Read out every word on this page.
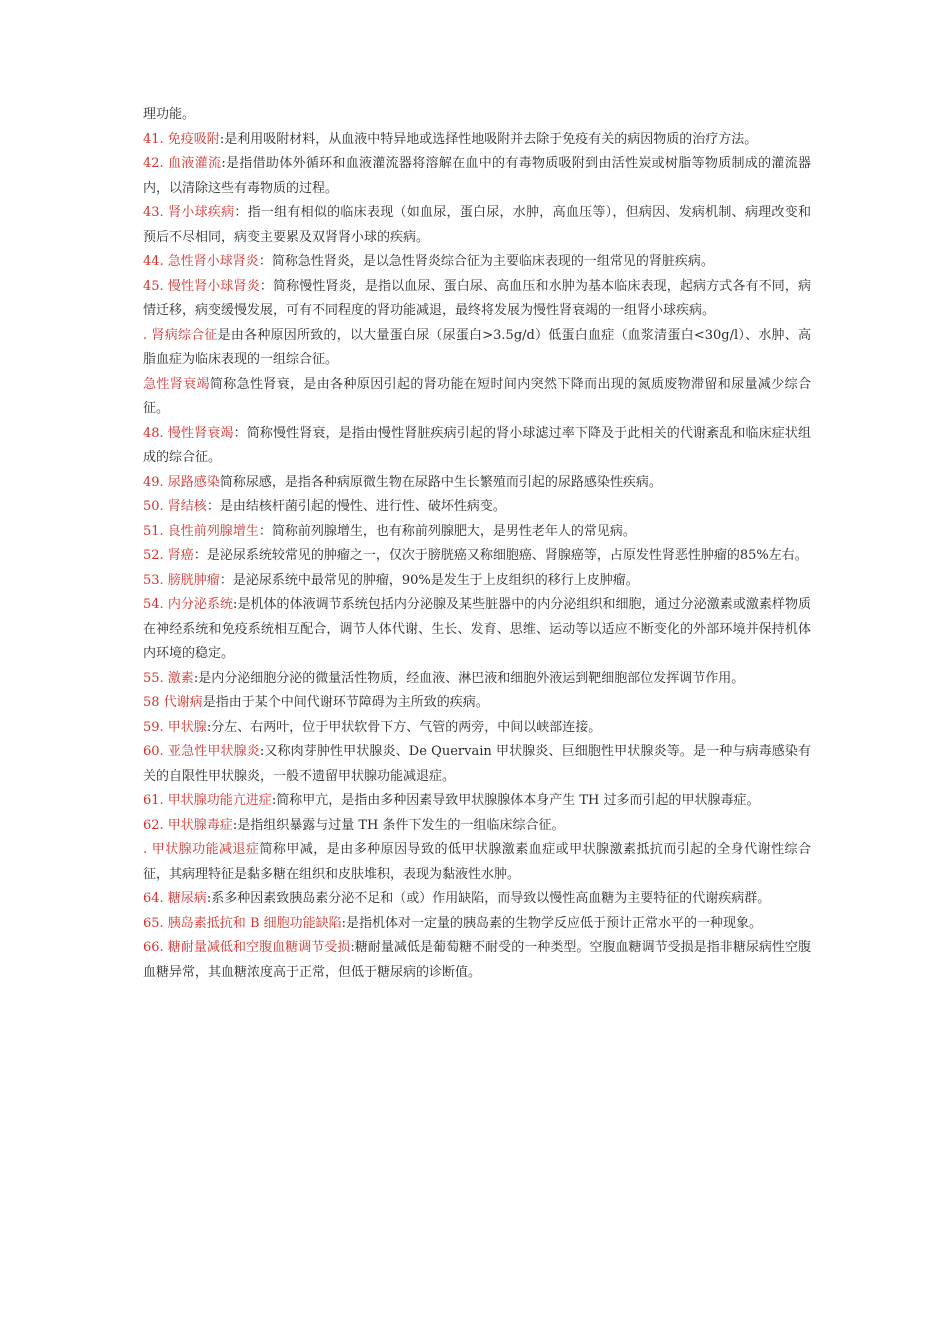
理功能。

41. 免疫吸附:是利用吸附材料，从血液中特异地或选择性地吸附并去除于免疫有关的病因物质的治疗方法。

42. 血液灌流:是指借助体外循环和血液灌流器将溶解在血中的有毒物质吸附到由活性炭或树脂等物质制成的灌流器内，以清除这些有毒物质的过程。

43. 肾小球疾病：指一组有相似的临床表现（如血尿，蛋白尿，水肿，高血压等），但病因、发病机制、病理改变和预后不尽相同，病变主要累及双肾肾小球的疾病。

44. 急性肾小球肾炎：简称急性肾炎，是以急性肾炎综合征为主要临床表现的一组常见的肾脏疾病。

45. 慢性肾小球肾炎：简称慢性肾炎，是指以血尿、蛋白尿、高血压和水肿为基本临床表现，起病方式各有不同，病情迁移，病变缓慢发展，可有不同程度的肾功能减退，最终将发展为慢性肾衰竭的一组肾小球疾病。

. 肾病综合征是由各种原因所致的，以大量蛋白尿（尿蛋白>3.5g/d）低蛋白血症（血浆清蛋白<30g/l）、水肿、高脂血症为临床表现的一组综合征。

急性肾衰竭简称急性肾衰，是由各种原因引起的肾功能在短时间内突然下降而出现的氮质废物滞留和尿量减少综合征。

48. 慢性肾衰竭：简称慢性肾衰，是指由慢性肾脏疾病引起的肾小球滤过率下降及于此相关的代谢紊乱和临床症状组成的综合征。

49. 尿路感染简称尿感，是指各种病原微生物在尿路中生长繁殖而引起的尿路感染性疾病。

50. 肾结核：是由结核杆菌引起的慢性、进行性、破坏性病变。

51. 良性前列腺增生：简称前列腺增生，也有称前列腺肥大，是男性老年人的常见病。

52. 肾癌：是泌尿系统较常见的肿瘤之一，仅次于膀胱癌又称细胞癌、肾腺癌等，占原发性肾恶性肿瘤的85%左右。

53. 膀胱肿瘤：是泌尿系统中最常见的肿瘤，90%是发生于上皮组织的移行上皮肿瘤。

54. 内分泌系统:是机体的体液调节系统包括内分泌腺及某些脏器中的内分泌组织和细胞，通过分泌激素或激素样物质在神经系统和免疫系统相互配合，调节人体代谢、生长、发育、思维、运动等以适应不断变化的外部环境并保持机体内环境的稳定。

55. 激素:是内分泌细胞分泌的微量活性物质，经血液、淋巴液和细胞外液运到靶细胞部位发挥调节作用。

58 代谢病是指由于某个中间代谢环节障碍为主所致的疾病。

59. 甲状腺:分左、右两叶，位于甲状软骨下方、气管的两旁，中间以峡部连接。

60. 亚急性甲状腺炎:又称肉芽肿性甲状腺炎、De Quervain 甲状腺炎、巨细胞性甲状腺炎等。是一种与病毒感染有关的自限性甲状腺炎，一般不遗留甲状腺功能减退症。

61. 甲状腺功能亢进症:简称甲亢，是指由多种因素导致甲状腺腺体本身产生 TH 过多而引起的甲状腺毒症。

62. 甲状腺毒症:是指组织暴露与过量 TH 条件下发生的一组临床综合征。

. 甲状腺功能减退症简称甲减，是由多种原因导致的低甲状腺激素血症或甲状腺激素抵抗而引起的全身代谢性综合征，其病理特征是黏多糖在组织和皮肤堆积，表现为黏液性水肿。

64. 糖尿病:系多种因素致胰岛素分泌不足和（或）作用缺陷，而导致以慢性高血糖为主要特征的代谢疾病群。

65. 胰岛素抵抗和 B 细胞功能缺陷:是指机体对一定量的胰岛素的生物学反应低于预计正常水平的一种现象。

66. 糖耐量减低和空腹血糖调节受损:糖耐量减低是葡萄糖不耐受的一种类型。空腹血糖调节受损是指非糖尿病性空腹血糖异常，其血糖浓度高于正常，但低于糖尿病的诊断值。
